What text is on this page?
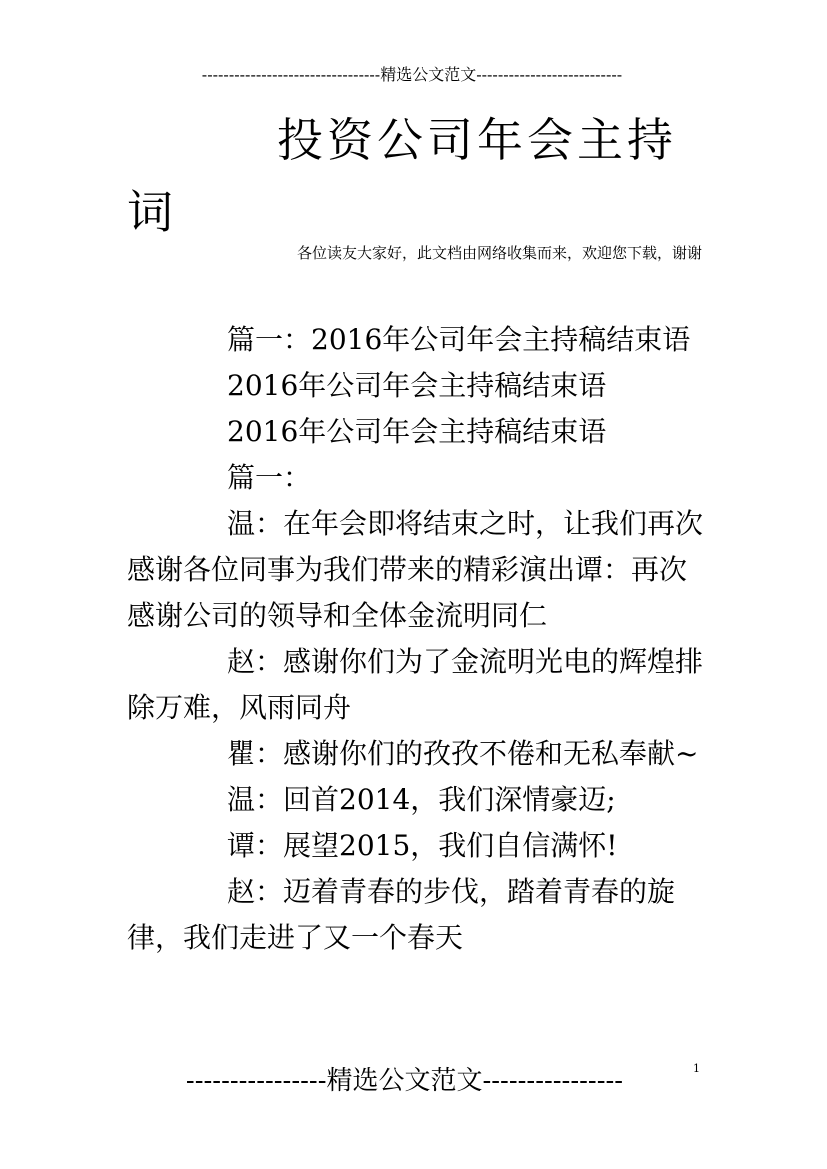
---------------------------------精选公文范文---------------------------
投资公司年会主持
词
各位读友大家好，此文档由网络收集而来，欢迎您下载，谢谢

篇一：2016年公司年会主持稿结束语

2016年公司年会主持稿结束语

2016年公司年会主持稿结束语

篇一：

温：在年会即将结束之时，让我们再次感谢各位同事为我们带来的精彩演出谭：再次感谢公司的领导和全体金流明同仁

赵：感谢你们为了金流明光电的辉煌排除万难，风雨同舟

瞿：感谢你们的孜孜不倦和无私奉献~

温：回首2014，我们深情豪迈;

谭：展望2015，我们自信满怀!

赵：迈着青春的步伐，踏着青春的旋律，我们走进了又一个春天

----------------精选公文范文----------------	1
